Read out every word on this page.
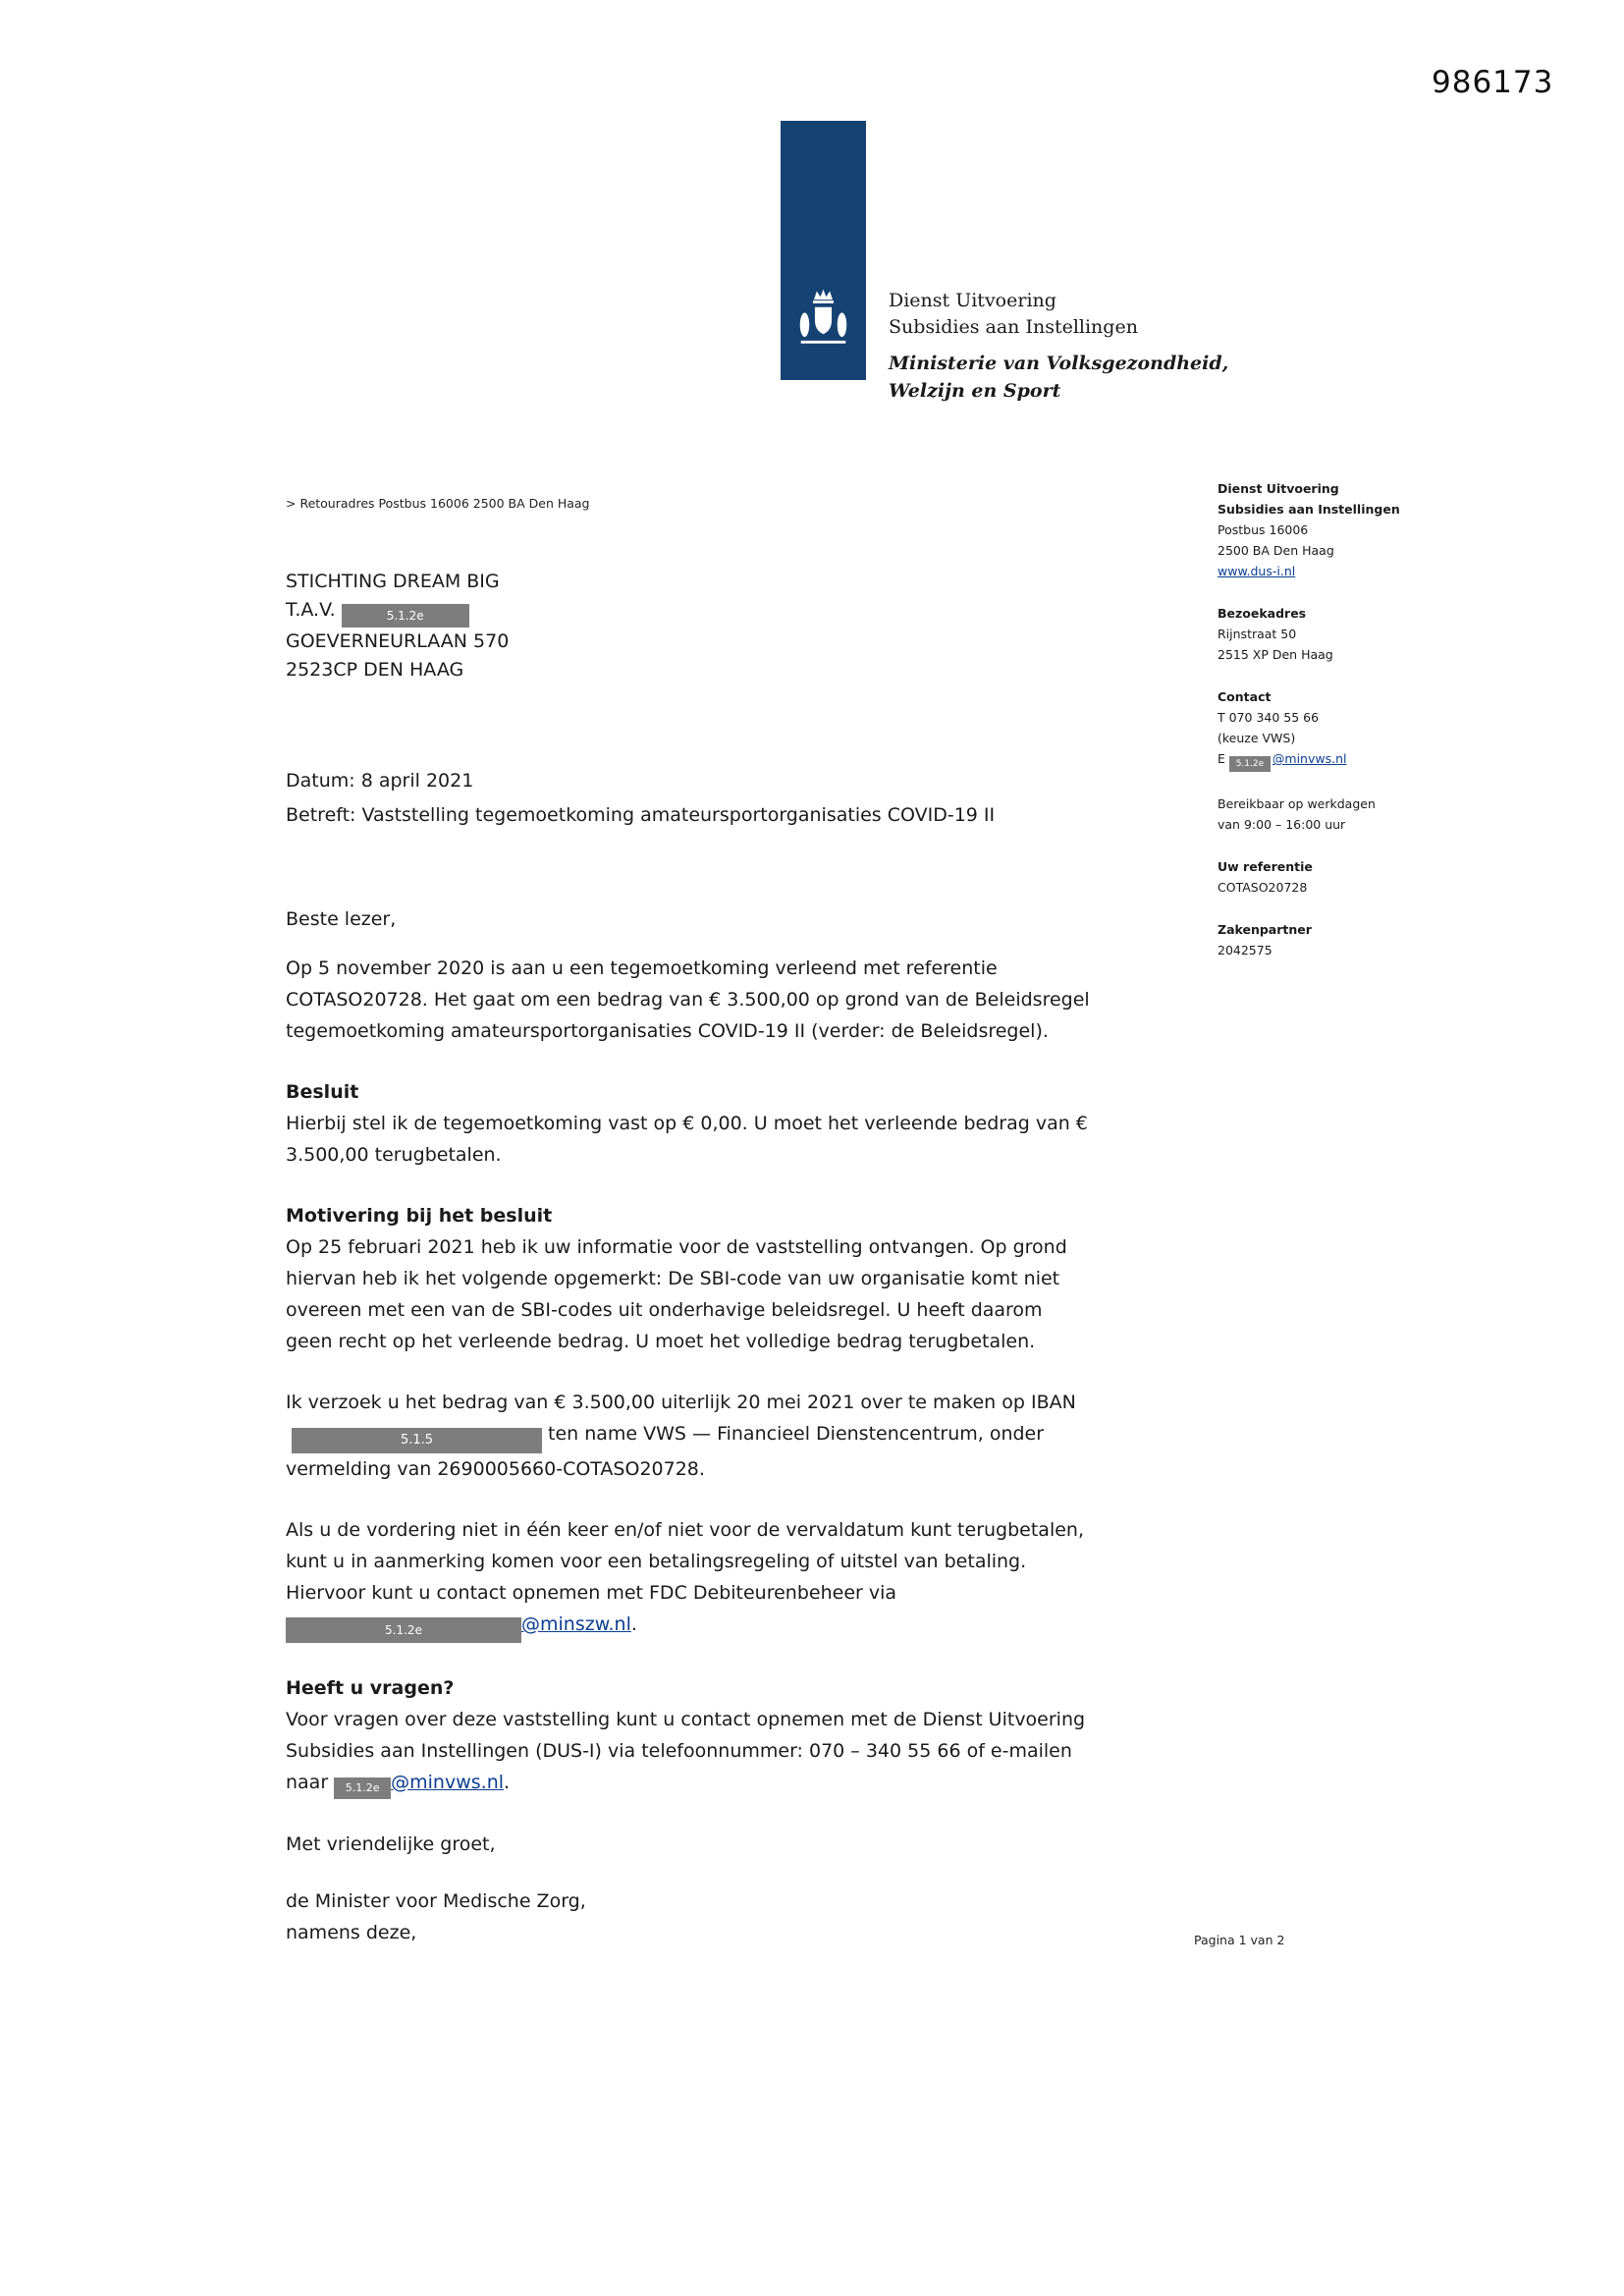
986173
Dienst Uitvoering
Subsidies aan Instellingen
Ministerie van Volksgezondheid,
Welzijn en Sport
> Retouradres Postbus 16006 2500 BA Den Haag
STICHTING DREAM BIG
T.A.V.	5.1.2e
GOEVERNEURLAAN 570
2523CP DEN HAAG
Dienst Uitvoering
Subsidies aan Instellingen
Postbus 16006
2500 BA Den Haag
www.dus-i.nl
Bezoekadres
Rijnstraat 50
2515 XP Den Haag
Contact
T 070 340 55 66
(keuze VWS)
E 5.1.2e @minvws.nl
Bereikbaar op werkdagen
van 9:00 – 16:00 uur
Uw referentie
COTASO20728
Zakenpartner
2042575
Datum: 8 april 2021
Betreft: Vaststelling tegemoetkoming amateursportorganisaties COVID-19 II
Beste lezer,

Op 5 november 2020 is aan u een tegemoetkoming verleend met referentie COTASO20728. Het gaat om een bedrag van € 3.500,00 op grond van de Beleidsregel tegemoetkoming amateursportorganisaties COVID-19 II (verder: de Beleidsregel).

Besluit

Hierbij stel ik de tegemoetkoming vast op € 0,00. U moet het verleende bedrag van € 3.500,00 terugbetalen.

Motivering bij het besluit

Op 25 februari 2021 heb ik uw informatie voor de vaststelling ontvangen. Op grond hiervan heb ik het volgende opgemerkt: De SBI-code van uw organisatie komt niet overeen met een van de SBI-codes uit onderhavige beleidsregel. U heeft daarom geen recht op het verleende bedrag. U moet het volledige bedrag terugbetalen.

Ik verzoek u het bedrag van € 3.500,00 uiterlijk 20 mei 2021 over te maken op IBAN5.1.5	ten name VWS — Financieel Dienstencentrum, onder vermelding van 2690005660-COTASO20728.

Als u de vordering niet in één keer en/of niet voor de vervaldatum kunt terugbetalen, kunt u in aanmerking komen voor een betalingsregeling of uitstel van betaling. Hiervoor kunt u contact opnemen met FDC Debiteurenbeheer via 5.1.2e	@minszw.nl.

Heeft u vragen?

Voor vragen over deze vaststelling kunt u contact opnemen met de Dienst Uitvoering Subsidies aan Instellingen (DUS-I) via telefoonnummer: 070 – 340 55 66 of e-mailen naar 5.1.2e @minvws.nl.

Met vriendelijke groet,
de Minister voor Medische Zorg,
namens deze,	Pagina 1 van 2
